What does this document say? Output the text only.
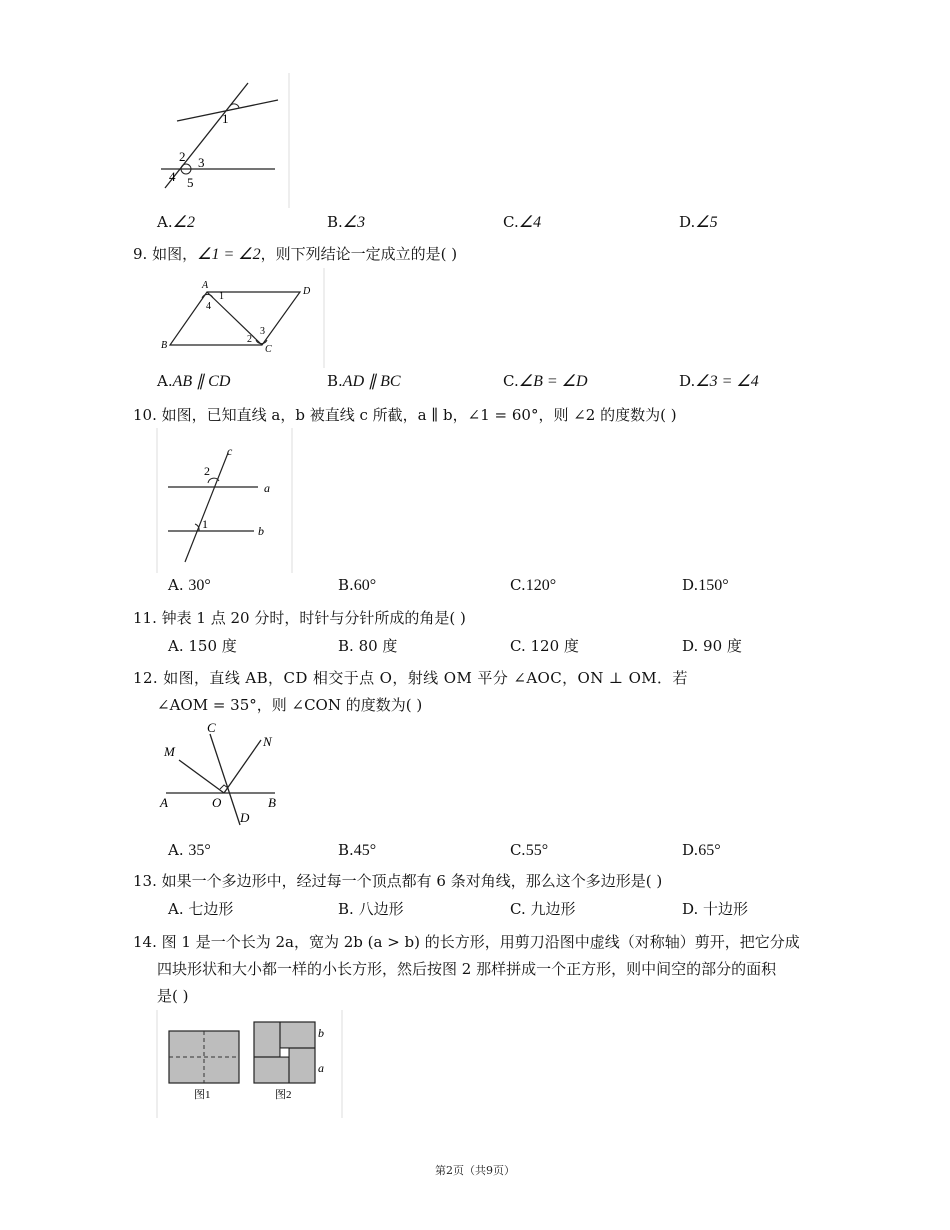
1
2 3
4 5
A.∠2	B.∠3	C.∠4	D.∠5
9. 如图，∠1 = ∠2，则下列结论一定成立的是( )
A
D
B	C
1
4
2
3
A.AB ∥ CD	B.AD ∥ BC	C.∠B = ∠D	D.∠3 = ∠4
10. 如图，已知直线 a，b 被直线 c 所截，a ∥ b，∠1 = 60°，则 ∠2 的度数为( )
c
2
a
1	b
A. 30°	B.60°	C.120°	D.150°
11. 钟表 1 点 20 分时，时针与分针所成的角是( )
A. 150 度	B. 80 度	C. 120 度	D. 90 度
12. 如图，直线 AB，CD 相交于点 O，射线 OM 平分 ∠AOC，ON ⊥ OM．若
∠AOM = 35°，则 ∠CON 的度数为( )
C
N
M
A	O	B
D
A. 35°	B.45°	C.55°	D.65°
13. 如果一个多边形中，经过每一个顶点都有 6 条对角线，那么这个多边形是( )
A. 七边形	B. 八边形	C. 九边形	D. 十边形
14. 图 1 是一个长为 2a，宽为 2b (a > b) 的长方形，用剪刀沿图中虚线（对称轴）剪开，把它分成
四块形状和大小都一样的小长方形，然后按图 2 那样拼成一个正方形，则中间空的部分的面积
是( )
b
a
图1	图2
第2页（共9页）
